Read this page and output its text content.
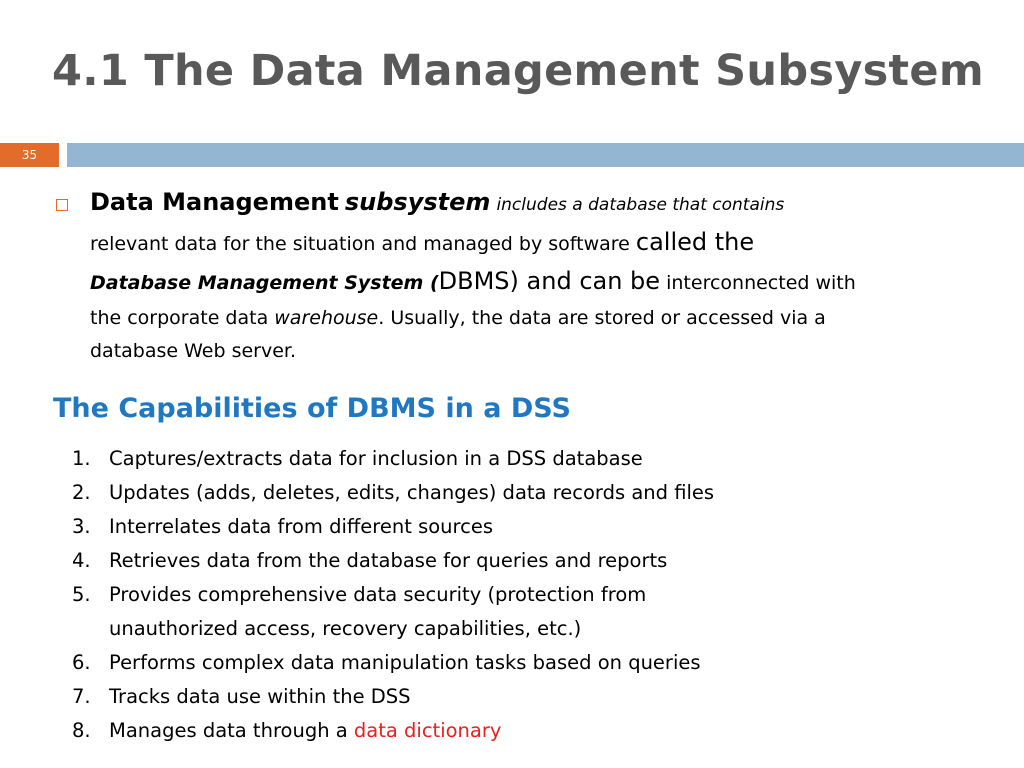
4.1 The Data Management Subsystem
35
Data Management subsystem includes a database that contains
relevant data for the situation and managed by software called the
Database Management System (DBMS) and can be interconnected with
the corporate data warehouse. Usually, the data are stored or accessed via a
database Web server.
The Capabilities of DBMS in a DSS
1. Captures/extracts data for inclusion in a DSS database
2. Updates (adds, deletes, edits, changes) data records and files
3. Interrelates data from different sources
4. Retrieves data from the database for queries and reports
5. Provides comprehensive data security (protection from
unauthorized access, recovery capabilities, etc.)
6. Performs complex data manipulation tasks based on queries
7. Tracks data use within the DSS
8. Manages data through a data dictionary
